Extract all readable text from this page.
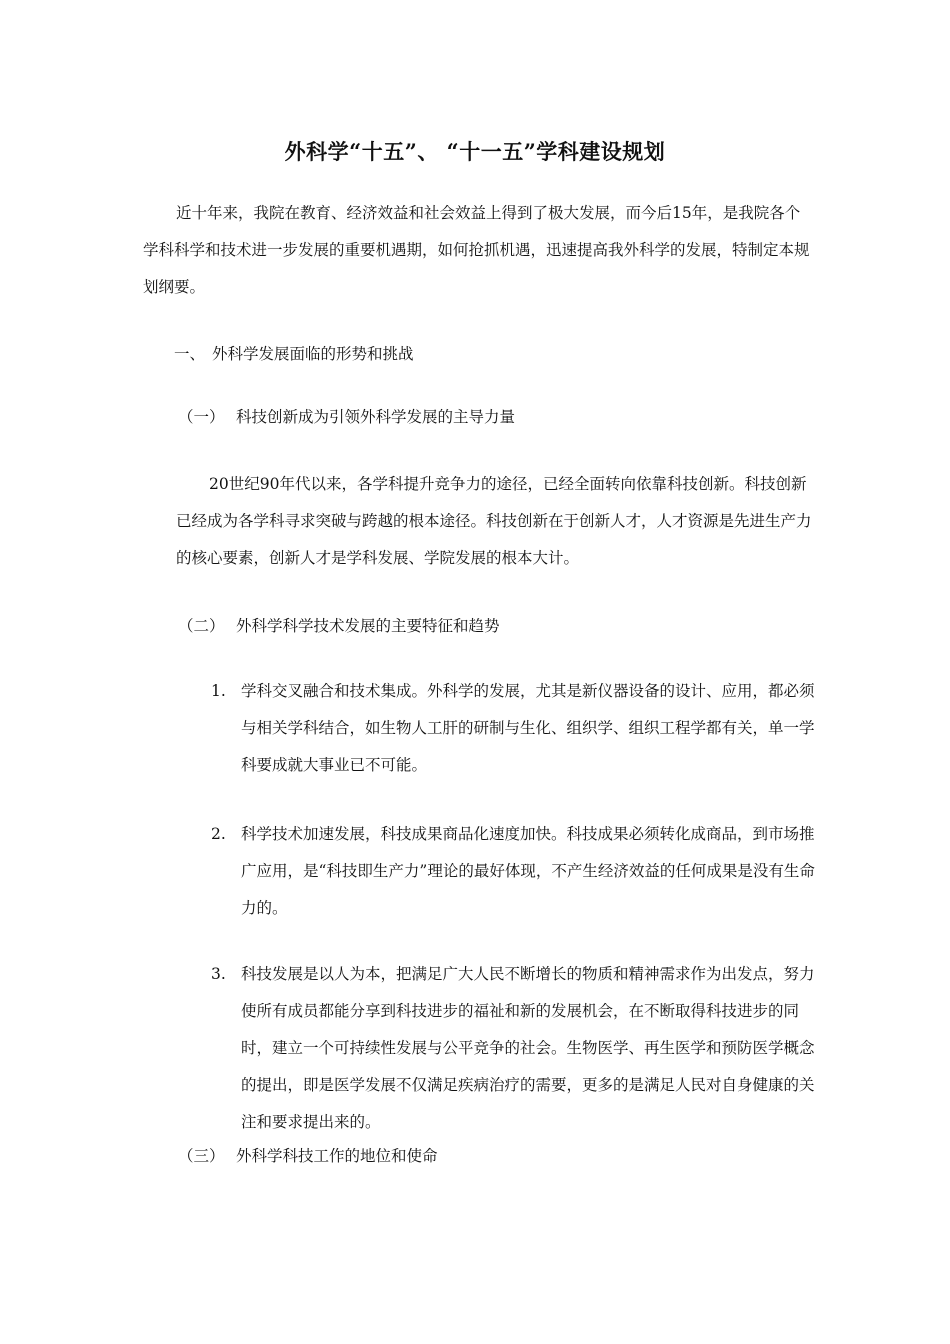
外科学“十五”、 “十一五”学科建设规划

近十年来，我院在教育、经济效益和社会效益上得到了极大发展，而今后15年，是我院各个学科科学和技术进一步发展的重要机遇期，如何抢抓机遇，迅速提高我外科学的发展，特制定本规划纲要。

一、 外科学发展面临的形势和挑战
（一） 科技创新成为引领外科学发展的主导力量

20世纪90年代以来，各学科提升竞争力的途径，已经全面转向依靠科技创新。科技创新已经成为各学科寻求突破与跨越的根本途径。科技创新在于创新人才，人才资源是先进生产力的核心要素，创新人才是学科发展、学院发展的根本大计。

（二） 外科学科学技术发展的主要特征和趋势
1. 学科交叉融合和技术集成。外科学的发展，尤其是新仪器设备的设计、应用，都必须与相关学科结合，如生物人工肝的研制与生化、组织学、组织工程学都有关，单一学科要成就大事业已不可能。

2. 科学技术加速发展，科技成果商品化速度加快。科技成果必须转化成商品，到市场推广应用，是“科技即生产力”理论的最好体现，不产生经济效益的任何成果是没有生命力的。

3. 科技发展是以人为本，把满足广大人民不断增长的物质和精神需求作为出发点，努力使所有成员都能分享到科技进步的福祉和新的发展机会，在不断取得科技进步的同时，建立一个可持续性发展与公平竞争的社会。生物医学、再生医学和预防医学概念的提出，即是医学发展不仅满足疾病治疗的需要，更多的是满足人民对自身健康的关注和要求提出来的。

（三） 外科学科技工作的地位和使命
